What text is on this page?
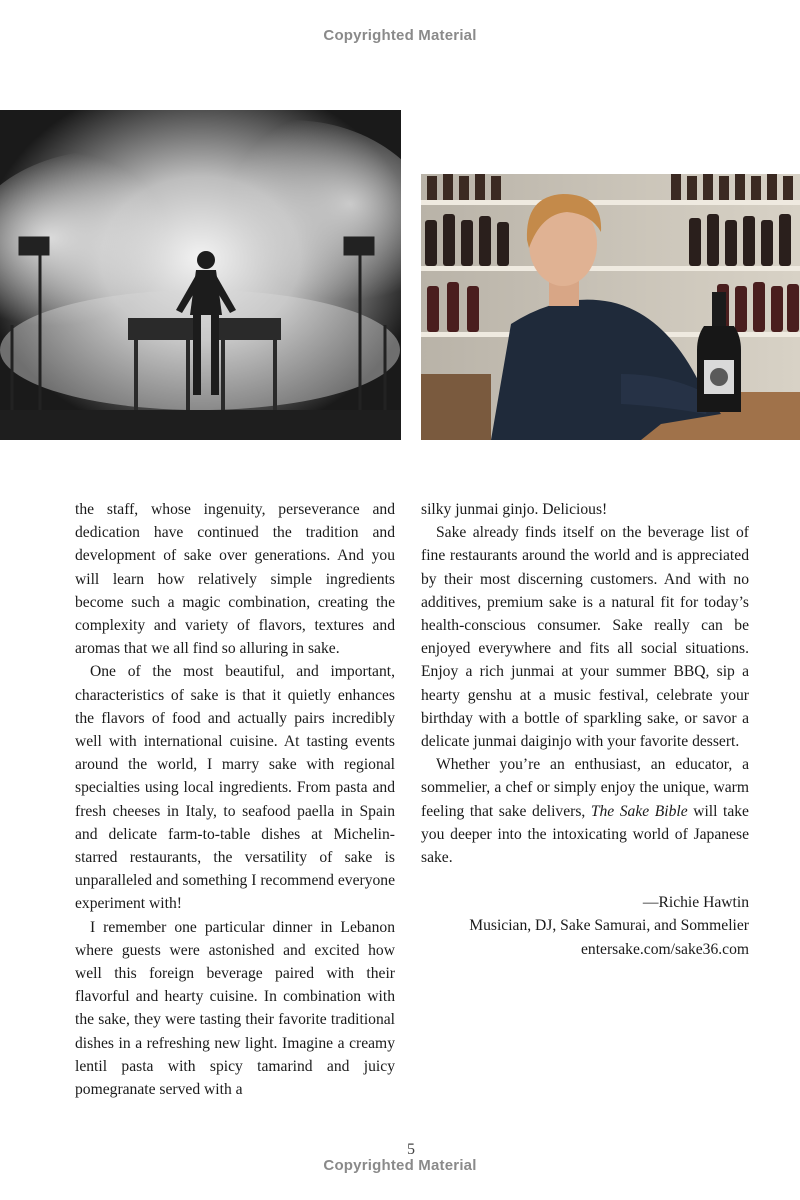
Copyrighted Material

the staff, whose ingenuity, perseverance and dedication have continued the tradition and development of sake over generations. And you will learn how relatively simple ingredients become such a magic combination, creating the complexity and variety of flavors, textures and aromas that we all find so alluring in sake.

One of the most beautiful, and important, characteristics of sake is that it quietly enhances the flavors of food and actually pairs incredibly well with international cuisine. At tasting events around the world, I marry sake with regional specialties using local ingredients. From pasta and fresh cheeses in Italy, to seafood paella in Spain and delicate farm-to-table dishes at Michelin-starred restaurants, the versatility of sake is unparalleled and something I recommend everyone experiment with!

I remember one particular dinner in Lebanon where guests were astonished and excited how well this foreign beverage paired with their flavorful and hearty cuisine. In combination with the sake, they were tasting their favorite traditional dishes in a refreshing new light. Imagine a creamy lentil pasta with spicy tamarind and juicy pomegranate served with a

silky junmai ginjo. Delicious!

Sake already finds itself on the beverage list of fine restaurants around the world and is appreciated by their most discerning customers. And with no additives, premium sake is a natural fit for today’s health-conscious consumer. Sake really can be enjoyed everywhere and fits all social situations. Enjoy a rich junmai at your summer BBQ, sip a hearty genshu at a music festival, celebrate your birthday with a bottle of sparkling sake, or savor a delicate junmai daiginjo with your favorite dessert.

Whether you’re an enthusiast, an educator, a sommelier, a chef or simply enjoy the unique, warm feeling that sake delivers, The Sake Bible will take you deeper into the intoxicating world of Japanese sake.

—Richie Hawtin
Musician, DJ, Sake Samurai, and Sommelier
entersake.com/sake36.com
5
Copyrighted Material
